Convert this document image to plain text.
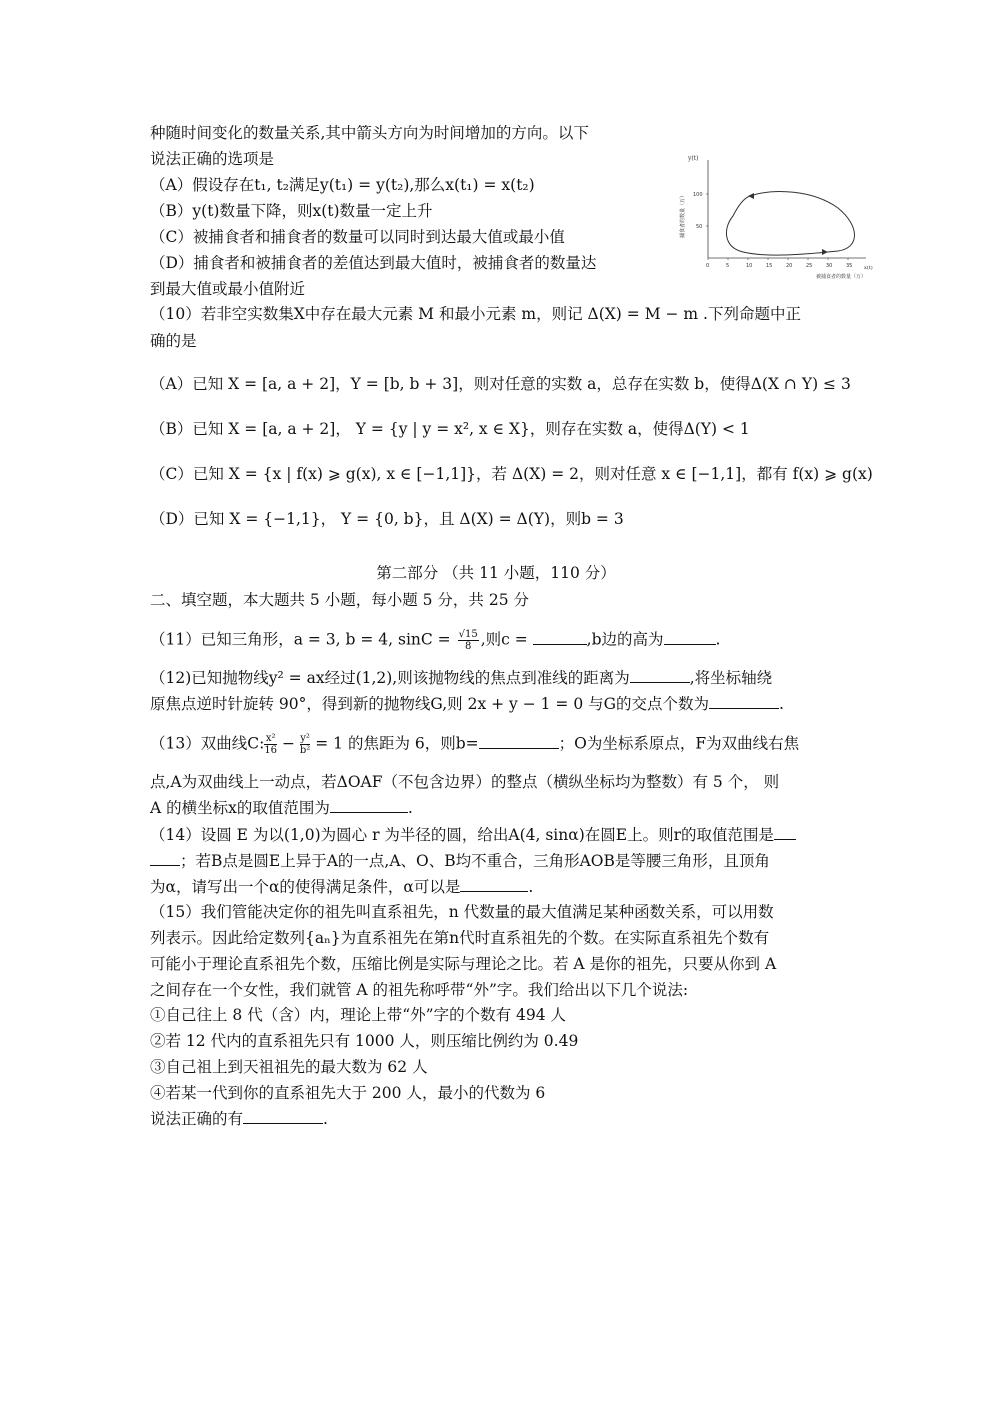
种随时间变化的数量关系,其中箭头方向为时间增加的方向。以下
说法正确的选项是
（A）假设存在t₁, t₂满足y(t₁) = y(t₂),那么x(t₁) = x(t₂)
（B）y(t)数量下降，则x(t)数量一定上升
（C）被捕食者和捕食者的数量可以同时到达最大值或最小值
（D）捕食者和被捕食者的差值达到最大值时，被捕食者的数量达
到最大值或最小值附近
y(t)
捕食者的数量（万） 100
50
0	5	10	15	20	25	30	35 x(t)
被捕食者的数量（万）
（10）若非空实数集X中存在最大元素 M 和最小元素 m，则记 Δ(X) = M − m .下列命题中正
确的是
（A）已知 X = [a, a + 2]，Y = [b, b + 3]，则对任意的实数 a，总存在实数 b，使得Δ(X ∩ Y) ≤ 3
（B）已知 X = [a, a + 2]， Y = {y | y = x², x ∈ X}，则存在实数 a，使得Δ(Y) < 1
（C）已知 X = {x | f(x) ⩾ g(x), x ∈ [−1,1]}，若 Δ(X) = 2，则对任意 x ∈ [−1,1]，都有 f(x) ⩾ g(x)
（D）已知 X = {−1,1}， Y = {0, b}，且 Δ(X) = Δ(Y)，则b = 3
第二部分 （共 11 小题，110 分）
二、填空题，本大题共 5 小题，每小题 5 分，共 25 分
（11）已知三角形，a = 3, b = 4, $\sin C = \frac{√15}{8}$ ,则c =	,b边的高为	.
（12)已知抛物线y² = ax经过(1,2),则该抛物线的焦点到准线的距离为	,将坐标轴绕
原焦点逆时针旋转 90°，得到新的抛物线G,则 2x + y − 1 = 0 与G的交点个数为	.
（13）双曲线C: $\frac{\text{x²}}{16} - \frac{\text{y²}}{\text{b²}} = 1$ 的焦距为 6，则b=	；O为坐标系原点，F为双曲线右焦
点,A为双曲线上一动点，若ΔOAF（不包含边界）的整点（横纵坐标均为整数）有 5 个， 则
A 的横坐标x的取值范围为	.
（14）设圆 E 为以(1,0)为圆心 r 为半径的圆，给出A(4, sinα)在圆E上。则r的取值范围是
；若B点是圆E上异于A的一点,A、O、B均不重合，三角形AOB是等腰三角形，且顶角
为α，请写出一个α的使得满足条件，α可以是	.
（15）我们管能决定你的祖先叫直系祖先，n 代数量的最大值满足某种函数关系，可以用数
列表示。因此给定数列{aₙ}为直系祖先在第n代时直系祖先的个数。在实际直系祖先个数有
可能小于理论直系祖先个数，压缩比例是实际与理论之比。若 A 是你的祖先，只要从你到 A
之间存在一个女性，我们就管 A 的祖先称呼带“外”字。我们给出以下几个说法:
①自己往上 8 代（含）内，理论上带“外”字的个数有 494 人
②若 12 代内的直系祖先只有 1000 人，则压缩比例约为 0.49
③自己祖上到天祖祖先的最大数为 62 人
④若某一代到你的直系祖先大于 200 人，最小的代数为 6
说法正确的有	.
